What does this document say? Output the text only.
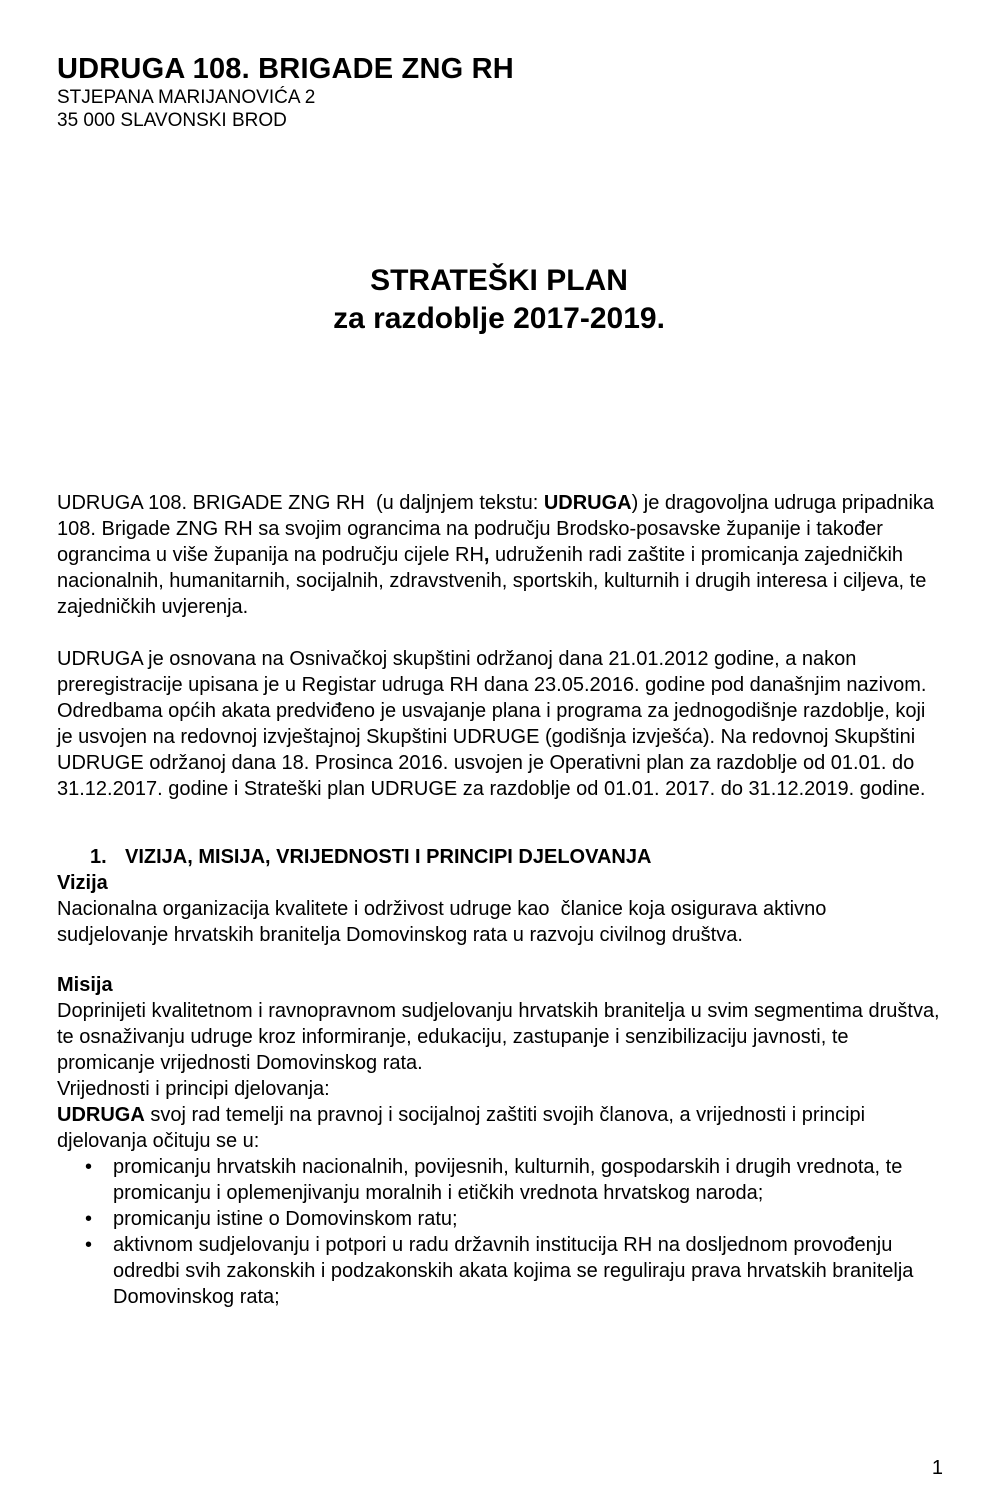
UDRUGA 108. BRIGADE ZNG RH
STJEPANA MARIJANOVIĆA 2
35 000 SLAVONSKI BROD
STRATEŠKI PLAN
za razdoblje 2017-2019.

UDRUGA 108. BRIGADE ZNG RH  (u daljnjem tekstu: UDRUGA) je dragovoljna udruga pripadnika 108. Brigade ZNG RH sa svojim ograncima na području Brodsko-posavske županije i također ograncima u više županija na području cijele RH, udruženih radi zaštite i promicanja zajedničkih nacionalnih, humanitarnih, socijalnih, zdravstvenih, sportskih, kulturnih i drugih interesa i ciljeva, te zajedničkih uvjerenja.

UDRUGA je osnovana na Osnivačkoj skupštini održanoj dana 21.01.2012 godine, a nakon preregistracije upisana je u Registar udruga RH dana 23.05.2016. godine pod današnjim nazivom.

Odredbama općih akata predviđeno je usvajanje plana i programa za jednogodišnje razdoblje, koji je usvojen na redovnoj izvještajnoj Skupštini UDRUGE (godišnja izvješća). Na redovnoj Skupštini UDRUGE održanoj dana 18. Prosinca 2016. usvojen je Operativni plan za razdoblje od 01.01. do 31.12.2017. godine i Strateški plan UDRUGE za razdoblje od 01.01. 2017. do 31.12.2019. godine.

1. VIZIJA, MISIJA, VRIJEDNOSTI I PRINCIPI DJELOVANJA

Vizija

Nacionalna organizacija kvalitete i održivost udruge kao  članice koja osigurava aktivno sudjelovanje hrvatskih branitelja Domovinskog rata u razvoju civilnog društva.

Misija

Doprinijeti kvalitetnom i ravnopravnom sudjelovanju hrvatskih branitelja u svim segmentima društva, te osnaživanju udruge kroz informiranje, edukaciju, zastupanje i senzibilizaciju javnosti, te promicanje vrijednosti Domovinskog rata.

Vrijednosti i principi djelovanja:

UDRUGA svoj rad temelji na pravnoj i socijalnoj zaštiti svojih članova, a vrijednosti i principi djelovanja očituju se u:

• promicanju hrvatskih nacionalnih, povijesnih, kulturnih, gospodarskih i drugih vrednota, te promicanju i oplemenjivanju moralnih i etičkih vrednota hrvatskog naroda;
• promicanju istine o Domovinskom ratu;
• aktivnom sudjelovanju i potpori u radu državnih institucija RH na dosljednom provođenju odredbi svih zakonskih i podzakonskih akata kojima se reguliraju prava hrvatskih branitelja Domovinskog rata;
1
